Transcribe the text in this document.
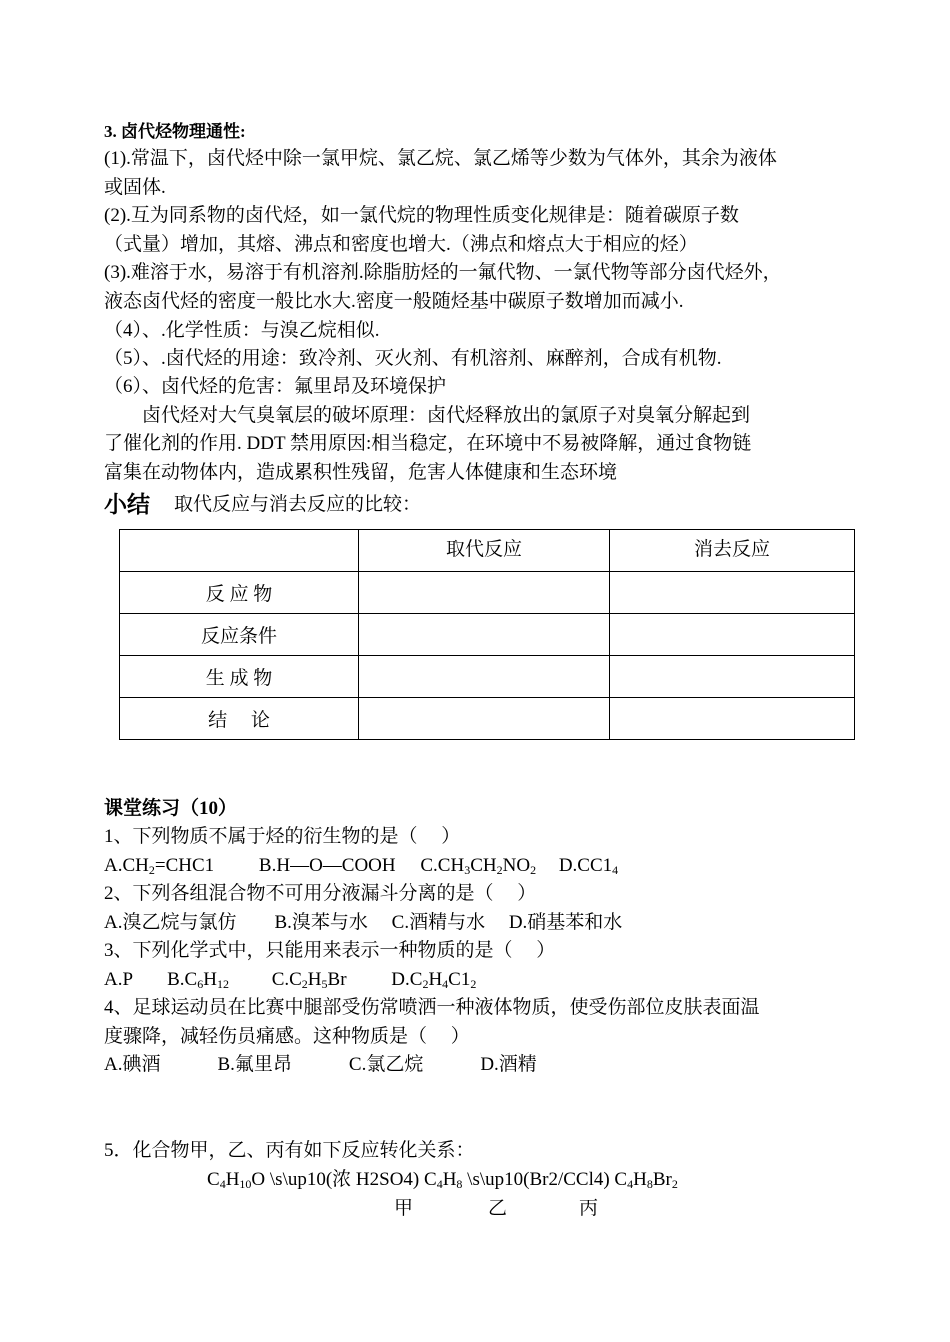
3. 卤代烃物理通性:
(1).常温下，卤代烃中除一氯甲烷、氯乙烷、氯乙烯等少数为气体外，其余为液体
或固体.
(2).互为同系物的卤代烃，如一氯代烷的物理性质变化规律是：随着碳原子数
（式量）增加，其熔、沸点和密度也增大.（沸点和熔点大于相应的烃）
(3).难溶于水，易溶于有机溶剂.除脂肪烃的一氟代物、一氯代物等部分卤代烃外，
液态卤代烃的密度一般比水大.密度一般随烃基中碳原子数增加而减小.
（4）、.化学性质：与溴乙烷相似.
（5）、.卤代烃的用途：致冷剂、灭火剂、有机溶剂、麻醉剂，合成有机物.
（6）、卤代烃的危害：氟里昂及环境保护
　　卤代烃对大气臭氧层的破坏原理：卤代烃释放出的氯原子对臭氧分解起到
了催化剂的作用. DDT 禁用原因:相当稳定，在环境中不易被降解，通过食物链
富集在动物体内，造成累积性残留，危害人体健康和生态环境
小结 取代反应与消去反应的比较：
	取代反应	消去反应
反 应 物		
反应条件		
生 成 物		
结　 论		
课堂练习（10）
1、下列物质不属于烃的衍生物的是（　 ）
$A.CH_2=CHC1$ B.H—O—COOH $C.CH_3CH_2NO_2$ $D.CC1_4$
2、下列各组混合物不可用分液漏斗分离的是（　 ）
A.溴乙烷与氯仿　　B.溴苯与水　 C.酒精与水　 D.硝基苯和水
3、下列化学式中，只能用来表示一种物质的是（　 ）
A.P $B.C_6H_{12}$ $C.C_2H_5Br$ $D.C_2H_4C1_2$
4、足球运动员在比赛中腿部受伤常喷洒一种液体物质，使受伤部位皮肤表面温
度骤降，减轻伤员痛感。这种物质是（　 ）
A.碘酒　　　B.氟里昂　　　C.氯乙烷　　　D.酒精
5．化合物甲，乙、丙有如下反应转化关系：
$C_4H_{10}O$ \s\up10(浓 H2SO4) $C_4H_8$ \s\up10(Br2/CCl4) $C_4H_8Br_2$
甲	乙	丙
